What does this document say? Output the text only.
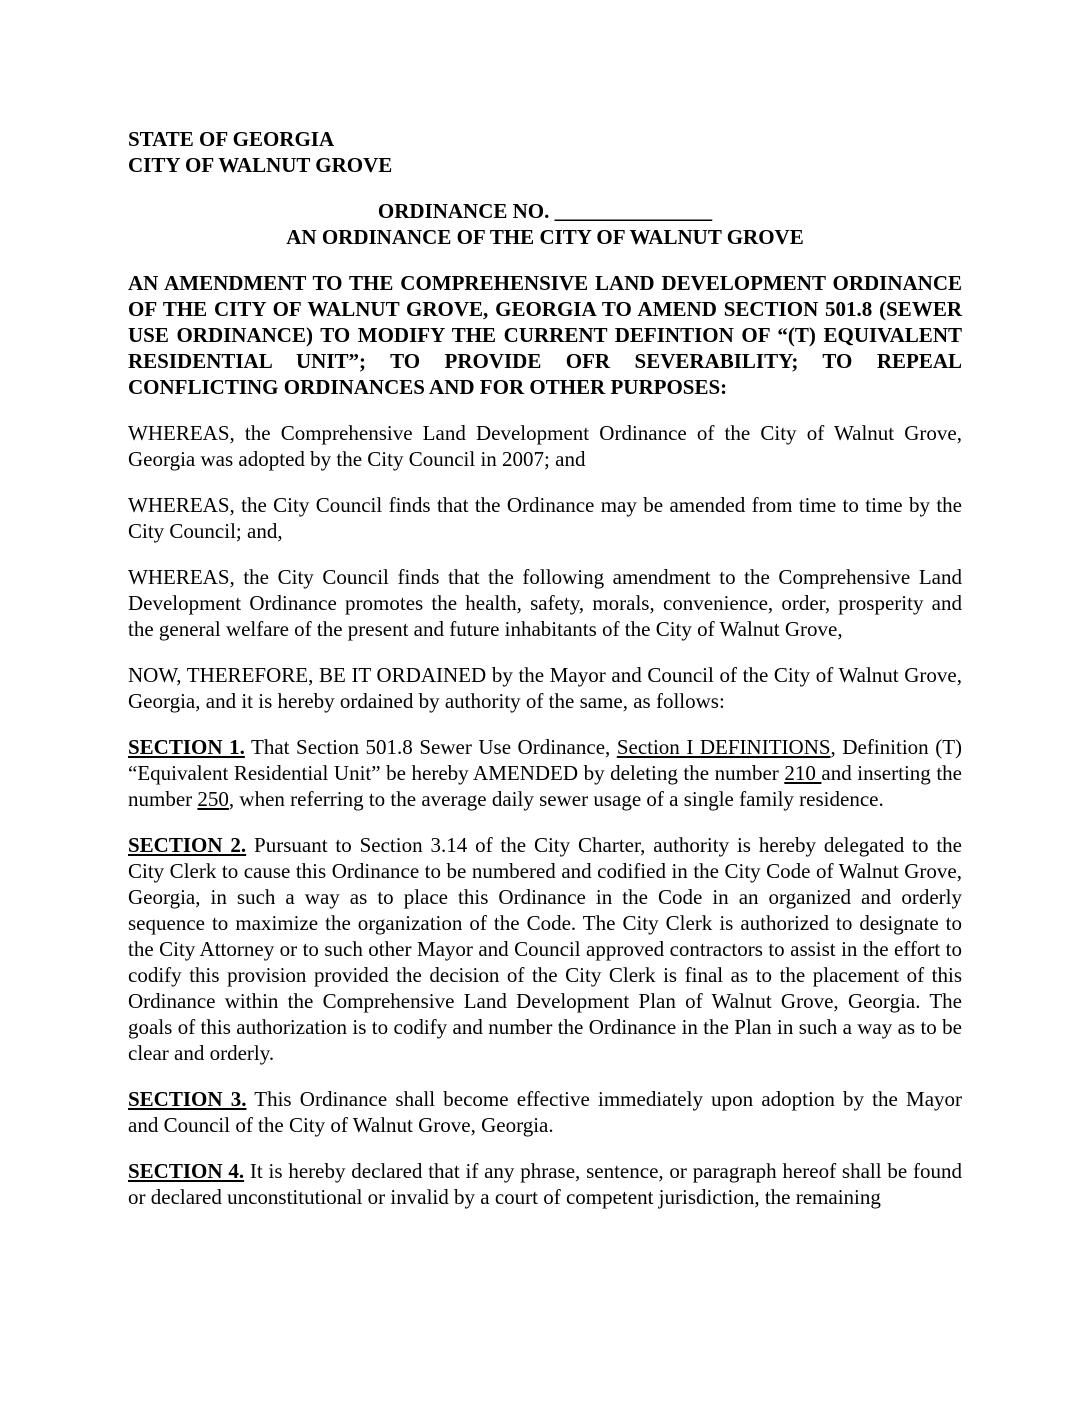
STATE OF GEORGIA
CITY OF WALNUT GROVE

ORDINANCE NO. _______________
AN ORDINANCE OF THE CITY OF WALNUT GROVE

AN AMENDMENT TO THE COMPREHENSIVE LAND DEVELOPMENT ORDINANCE OF THE CITY OF WALNUT GROVE, GEORGIA TO AMEND SECTION 501.8 (SEWER USE ORDINANCE) TO MODIFY THE CURRENT DEFINTION OF “(T) EQUIVALENT RESIDENTIAL UNIT”; TO PROVIDE OFR SEVERABILITY; TO REPEAL CONFLICTING ORDINANCES AND FOR OTHER PURPOSES:

WHEREAS, the Comprehensive Land Development Ordinance of the City of Walnut Grove, Georgia was adopted by the City Council in 2007; and

WHEREAS, the City Council finds that the Ordinance may be amended from time to time by the City Council; and,

WHEREAS, the City Council finds that the following amendment to the Comprehensive Land Development Ordinance promotes the health, safety, morals, convenience, order, prosperity and the general welfare of the present and future inhabitants of the City of Walnut Grove,

NOW, THEREFORE, BE IT ORDAINED by the Mayor and Council of the City of Walnut Grove, Georgia, and it is hereby ordained by authority of the same, as follows:

SECTION 1. That Section 501.8 Sewer Use Ordinance, Section I DEFINITIONS, Definition (T) “Equivalent Residential Unit” be hereby AMENDED by deleting the number 210 and inserting the number 250, when referring to the average daily sewer usage of a single family residence.

SECTION 2. Pursuant to Section 3.14 of the City Charter, authority is hereby delegated to the City Clerk to cause this Ordinance to be numbered and codified in the City Code of Walnut Grove, Georgia, in such a way as to place this Ordinance in the Code in an organized and orderly sequence to maximize the organization of the Code. The City Clerk is authorized to designate to the City Attorney or to such other Mayor and Council approved contractors to assist in the effort to codify this provision provided the decision of the City Clerk is final as to the placement of this Ordinance within the Comprehensive Land Development Plan of Walnut Grove, Georgia. The goals of this authorization is to codify and number the Ordinance in the Plan in such a way as to be clear and orderly.

SECTION 3. This Ordinance shall become effective immediately upon adoption by the Mayor and Council of the City of Walnut Grove, Georgia.

SECTION 4. It is hereby declared that if any phrase, sentence, or paragraph hereof shall be found or declared unconstitutional or invalid by a court of competent jurisdiction, the remaining
